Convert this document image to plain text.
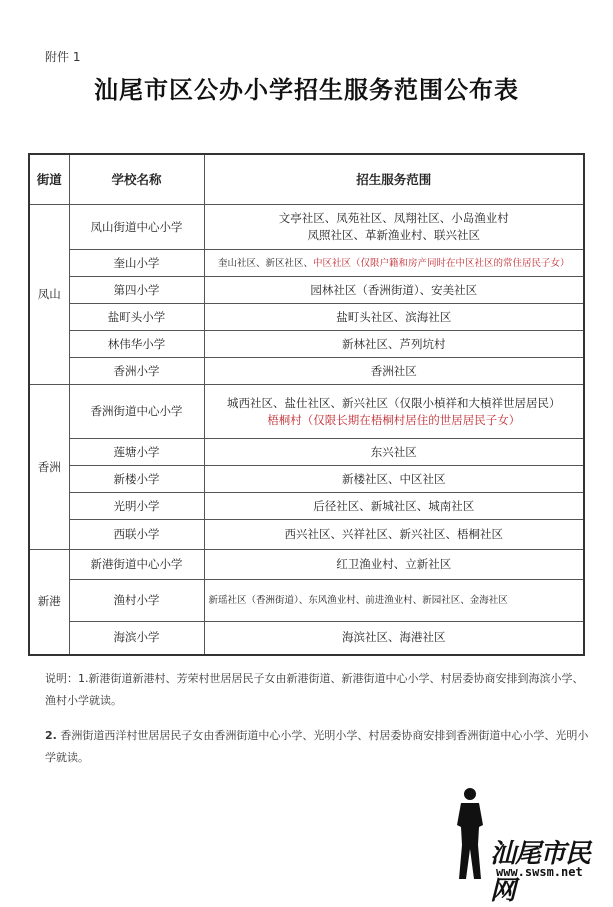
附件 1
汕尾市区公办小学招生服务范围公布表
街道	学校名称	招生服务范围
凤山	凤山街道中心小学	文亭社区、凤苑社区、凤翔社区、小岛渔业村
凤照社区、革新渔业村、联兴社区
	奎山小学	奎山社区、新区社区、中区社区（仅限户籍和房产同时在中区社区的常住居民子女）
	第四小学	园林社区（香洲街道）、安美社区
	盐町头小学	盐町头社区、滨海社区
	林伟华小学	新林社区、芦列坑村
	香洲小学	香洲社区
香洲	香洲街道中心小学	城西社区、盐仕社区、新兴社区（仅限小楨祥和大楨祥世居居民）
梧桐村（仅限长期在梧桐村居住的世居居民子女）
	莲塘小学	东兴社区
	新楼小学	新楼社区、中区社区
	光明小学	后径社区、新城社区、城南社区
	西联小学	西兴社区、兴祥社区、新兴社区、梧桐社区
新港	新港街道中心小学	红卫渔业村、立新社区
	渔村小学	新瑶社区（香洲街道）、东风渔业村、前进渔业村、新园社区、金海社区
	海滨小学	海滨社区、海港社区
说明：1.新港街道新港村、芳荣村世居居民子女由新港街道、新港街道中心小学、村居委协商安排到海滨小学、渔村小学就读。
2. 香洲街道西洋村世居居民子女由香洲街道中心小学、光明小学、村居委协商安排到香洲街道中心小学、光明小学就读。
汕尾市民网
www.swsm.net
